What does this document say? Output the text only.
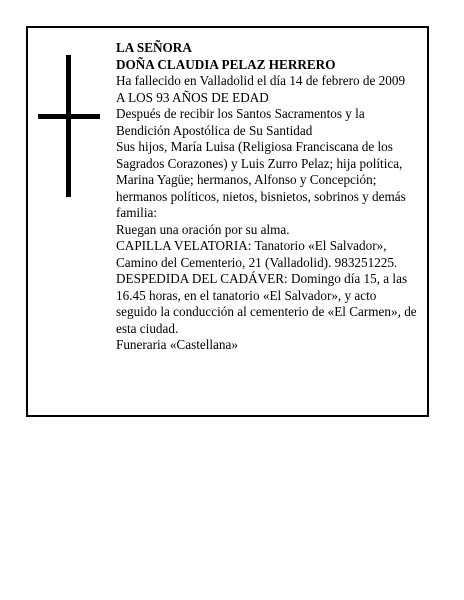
LA SEÑORA
DOÑA CLAUDIA PELAZ HERRERO
Ha fallecido en Valladolid el día 14 de febrero de 2009
A LOS 93 AÑOS DE EDAD
Después de recibir los Santos Sacramentos y la
Bendición Apostólica de Su Santidad
Sus hijos, María Luisa (Religiosa Franciscana de los
Sagrados Corazones) y Luis Zurro Pelaz; hija política,
Marina Yagüe; hermanos, Alfonso y Concepción;
hermanos políticos, nietos, bisnietos, sobrinos y demás
familia:
Ruegan una oración por su alma.
CAPILLA VELATORIA: Tanatorio «El Salvador»,
Camino del Cementerio, 21 (Valladolid). 983251225.
DESPEDIDA DEL CADÁVER: Domingo día 15, a las
16.45 horas, en el tanatorio «El Salvador», y acto
seguido la conducción al cementerio de «El Carmen», de
esta ciudad.
Funeraria «Castellana»
